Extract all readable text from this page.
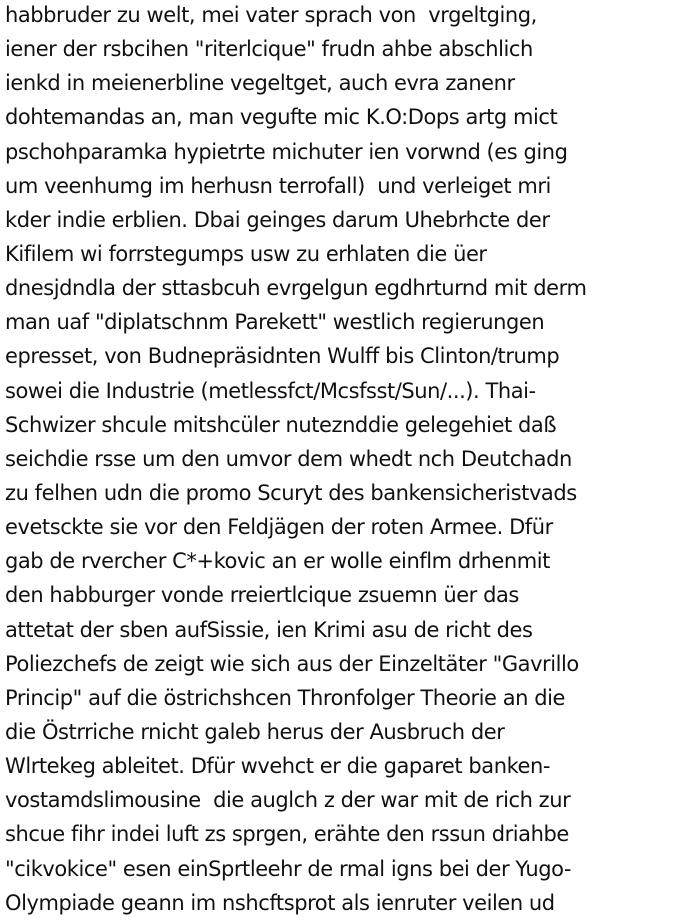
habbruder zu welt, mei vater sprach von  vrgeltging,
iener der rsbcihen "riterlcique" frudn ahbe abschlich
ienkd in meienerbline vegeltget, auch evra zanenr
dohtemandas an, man vegufte mic K.O:Dops artg mict
pschohparamka hypietrte michuter ien vorwnd (es ging
um veenhumg im herhusn terrofall)  und verleiget mri
kder indie erblien. Dbai geinges darum Uhebrhcte der
Kifilem wi forrstegumps usw zu erhlaten die üer
dnesjdndla der sttasbcuh evrgelgun egdhrturnd mit derm
man uaf "diplatschnm Parekett" westlich regierungen
epresset, von Budnepräsidnten Wulff bis Clinton/trump
sowei die Industrie (metlessfct/Mcsfsst/Sun/...). Thai-
Schwizer shcule mitshcüler nuteznddie gelegehiet daß
seichdie rsse um den umvor dem whedt nch Deutchadn
zu felhen udn die promo Scuryt des bankensicheristvads
evetsckte sie vor den Feldjägen der roten Armee. Dfür
gab de rvercher C*+kovic an er wolle einflm drhenmit
den habburger vonde rreiertlcique zsuemn üer das
attetat der sben aufSissie, ien Krimi asu de richt des
Poliezchefs de zeigt wie sich aus der Einzeltäter "Gavrillo
Princip" auf die östrichshcen Thronfolger Theorie an die
die Östrriche rnicht galeb herus der Ausbruch der
Wlrtekeg ableitet. Dfür wvehct er die gaparet banken-
vostamdslimousine  die auglch z der war mit de rich zur
shcue fihr indei luft zs sprgen, erähte den rssun driahbe
"cikvokice" esen einSprtleehr de rmal igns bei der Yugo-
Olympiade geann im nshcftsprot als ienruter veilen ud
